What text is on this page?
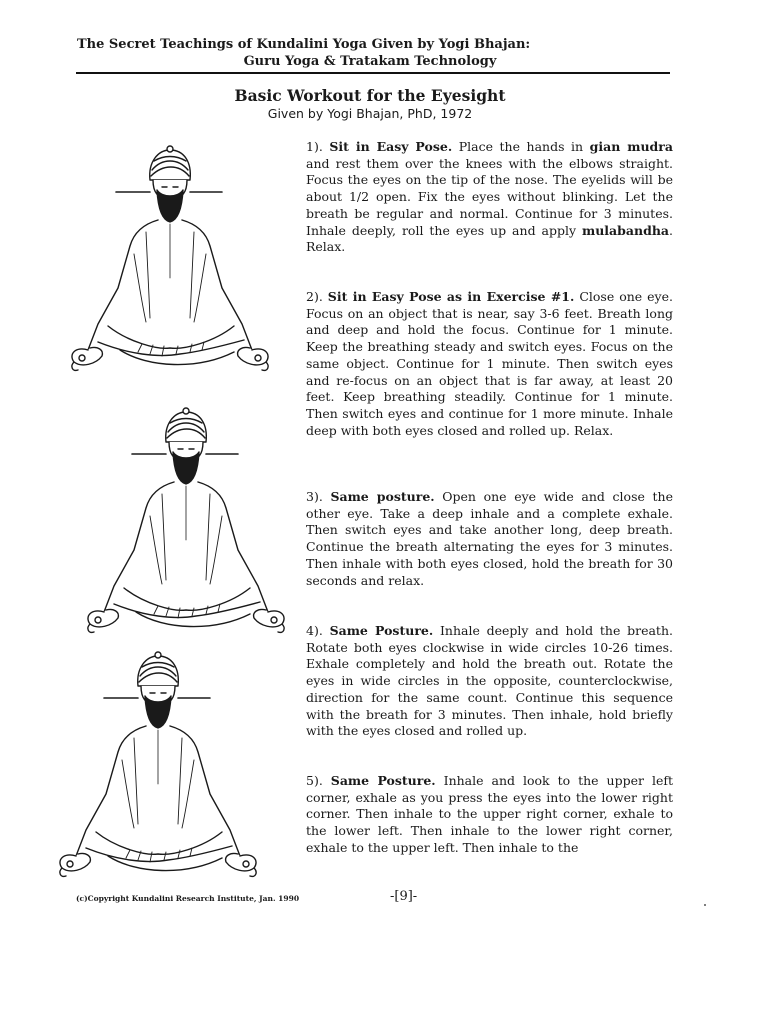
The Secret Teachings of Kundalini Yoga Given by Yogi Bhajan:
Guru Yoga & Tratakam Technology
Basic Workout for the Eyesight
Given by Yogi Bhajan, PhD, 1972
1). Sit in Easy Pose. Place the hands in gian mudra and rest them over the knees with the elbows straight. Focus the eyes on the tip of the nose. The eyelids will be about 1/2 open. Fix the eyes without blinking. Let the breath be regular and normal. Continue for 3 minutes. Inhale deeply, roll the eyes up and apply mulabandha. Relax.
2). Sit in Easy Pose as in Exercise #1. Close one eye. Focus on an object that is near, say 3-6 feet. Breath long and deep and hold the focus. Continue for 1 minute. Keep the breathing steady and switch eyes. Focus on the same object. Continue for 1 minute. Then switch eyes and re-focus on an object that is far away, at least 20 feet. Keep breathing steadily. Continue for 1 minute. Then switch eyes and continue for 1 more minute. Inhale deep with both eyes closed and rolled up. Relax.
3). Same posture. Open one eye wide and close the other eye. Take a deep inhale and a complete exhale. Then switch eyes and take another long, deep breath. Continue the breath alternating the eyes for 3 minutes. Then inhale with both eyes closed, hold the breath for 30 seconds and relax.
4). Same Posture. Inhale deeply and hold the breath. Rotate both eyes clockwise in wide circles 10-26 times. Exhale completely and hold the breath out. Rotate the eyes in wide circles in the opposite, counterclockwise, direction for the same count. Continue this sequence with the breath for 3 minutes. Then inhale, hold briefly with the eyes closed and rolled up.
5). Same Posture. Inhale and look to the upper left corner, exhale as you press the eyes into the lower right corner. Then inhale to the upper right corner, exhale to the lower left. Then inhale to the lower right corner, exhale to the upper left. Then inhale to the
(c)Copyright Kundalini Research Institute, Jan. 1990	-[9]-
